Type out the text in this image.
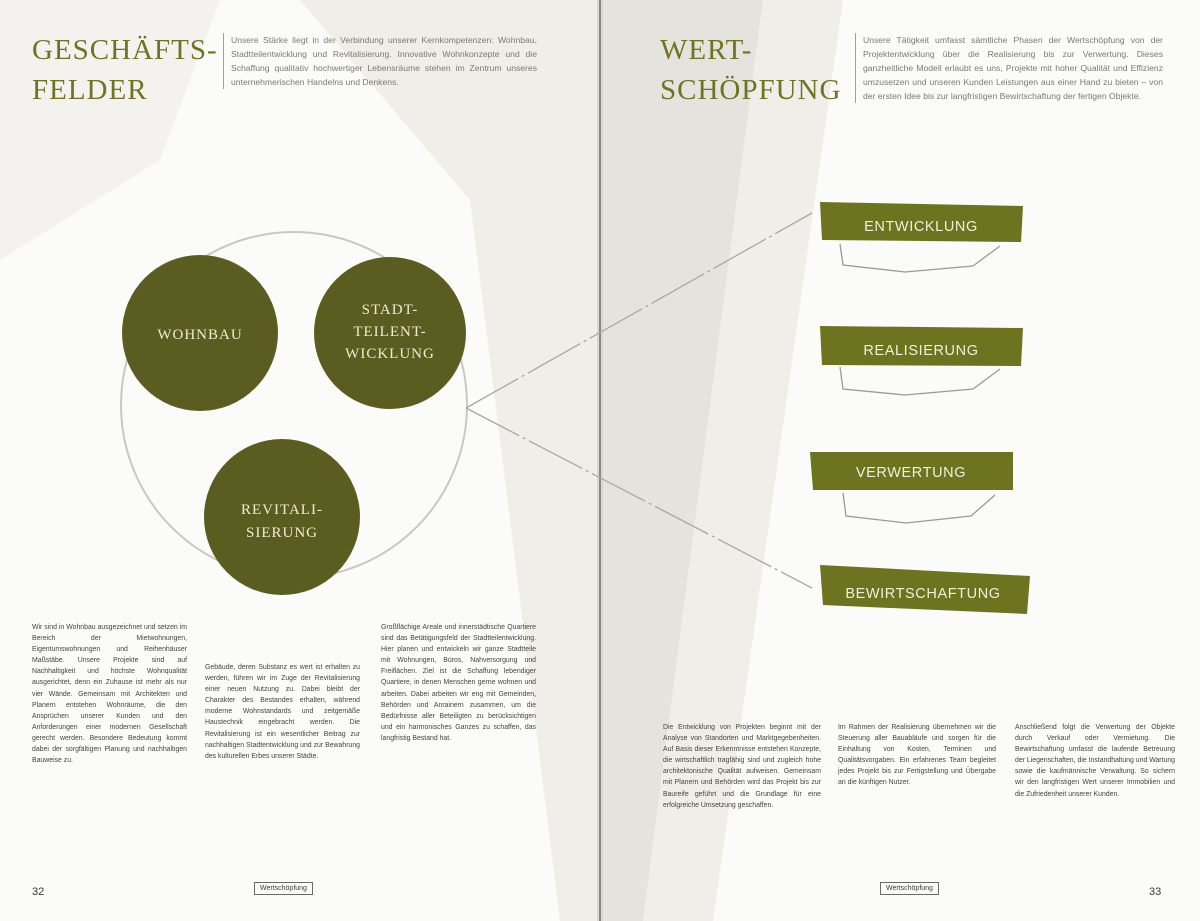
GESCHÄFTS-
FELDER
Unsere Stärke liegt in der Verbindung unserer Kernkompetenzen: Wohnbau, Stadtteilentwicklung und Revitalisierung. Innovative Wohnkonzepte und die Schaffung qualitativ hochwertiger Lebensräume stehen im Zentrum unseres unternehmerischen Handelns und Denkens.
WOHNBAU
STADT-
TEILENT-
WICKLUNG
REVITALI-
SIERUNG
Wir sind in Wohnbau ausgezeichnet und setzen im Bereich der Mietwohnungen, Eigentumswohnungen und Reihenhäuser Maßstäbe. Unsere Projekte sind auf Nachhaltigkeit und höchste Wohnqualität ausgerichtet, denn ein Zuhause ist mehr als nur vier Wände. Gemeinsam mit Architekten und Planern entstehen Wohnräume, die den Ansprüchen unserer Kunden und den Anforderungen einer modernen Gesellschaft gerecht werden. Besondere Bedeutung kommt dabei der sorgfältigen Planung und nachhaltigen Bauweise zu.
Gebäude, deren Substanz es wert ist erhalten zu werden, führen wir im Zuge der Revitalisierung einer neuen Nutzung zu. Dabei bleibt der Charakter des Bestandes erhalten, während moderne Wohnstandards und zeitgemäße Haustechnik eingebracht werden. Die Revitalisierung ist ein wesentlicher Beitrag zur nachhaltigen Stadtentwicklung und zur Bewahrung des kulturellen Erbes unserer Städte.
Großflächige Areale und innerstädtische Quartiere sind das Betätigungsfeld der Stadtteilentwicklung. Hier planen und entwickeln wir ganze Stadtteile mit Wohnungen, Büros, Nahversorgung und Freiflächen. Ziel ist die Schaffung lebendiger Quartiere, in denen Menschen gerne wohnen und arbeiten. Dabei arbeiten wir eng mit Gemeinden, Behörden und Anrainern zusammen, um die Bedürfnisse aller Beteiligten zu berücksichtigen und ein harmonisches Ganzes zu schaffen, das langfristig Bestand hat.
32	Wertschöpfung
WERT-
SCHÖPFUNG
Unsere Tätigkeit umfasst sämtliche Phasen der Wertschöpfung von der Projektentwicklung über die Realisierung bis zur Verwertung. Dieses ganzheitliche Modell erlaubt es uns, Projekte mit hoher Qualität und Effizienz umzusetzen und unseren Kunden Leistungen aus einer Hand zu bieten – von der ersten Idee bis zur langfristigen Bewirtschaftung der fertigen Objekte.
ENTWICKLUNG
REALISIERUNG
VERWERTUNG
BEWIRTSCHAFTUNG
Die Entwicklung von Projekten beginnt mit der Analyse von Standorten und Marktgegebenheiten. Auf Basis dieser Erkenntnisse entstehen Konzepte, die wirtschaftlich tragfähig sind und zugleich hohe architektonische Qualität aufweisen. Gemeinsam mit Planern und Behörden wird das Projekt bis zur Baureife geführt und die Grundlage für eine erfolgreiche Umsetzung geschaffen.
Im Rahmen der Realisierung übernehmen wir die Steuerung aller Bauabläufe und sorgen für die Einhaltung von Kosten, Terminen und Qualitätsvorgaben. Ein erfahrenes Team begleitet jedes Projekt bis zur Fertigstellung und Übergabe an die künftigen Nutzer.
Anschließend folgt die Verwertung der Objekte durch Verkauf oder Vermietung. Die Bewirtschaftung umfasst die laufende Betreuung der Liegenschaften, die Instandhaltung und Wartung sowie die kaufmännische Verwaltung. So sichern wir den langfristigen Wert unserer Immobilien und die Zufriedenheit unserer Kunden.
Wertschöpfung	33
